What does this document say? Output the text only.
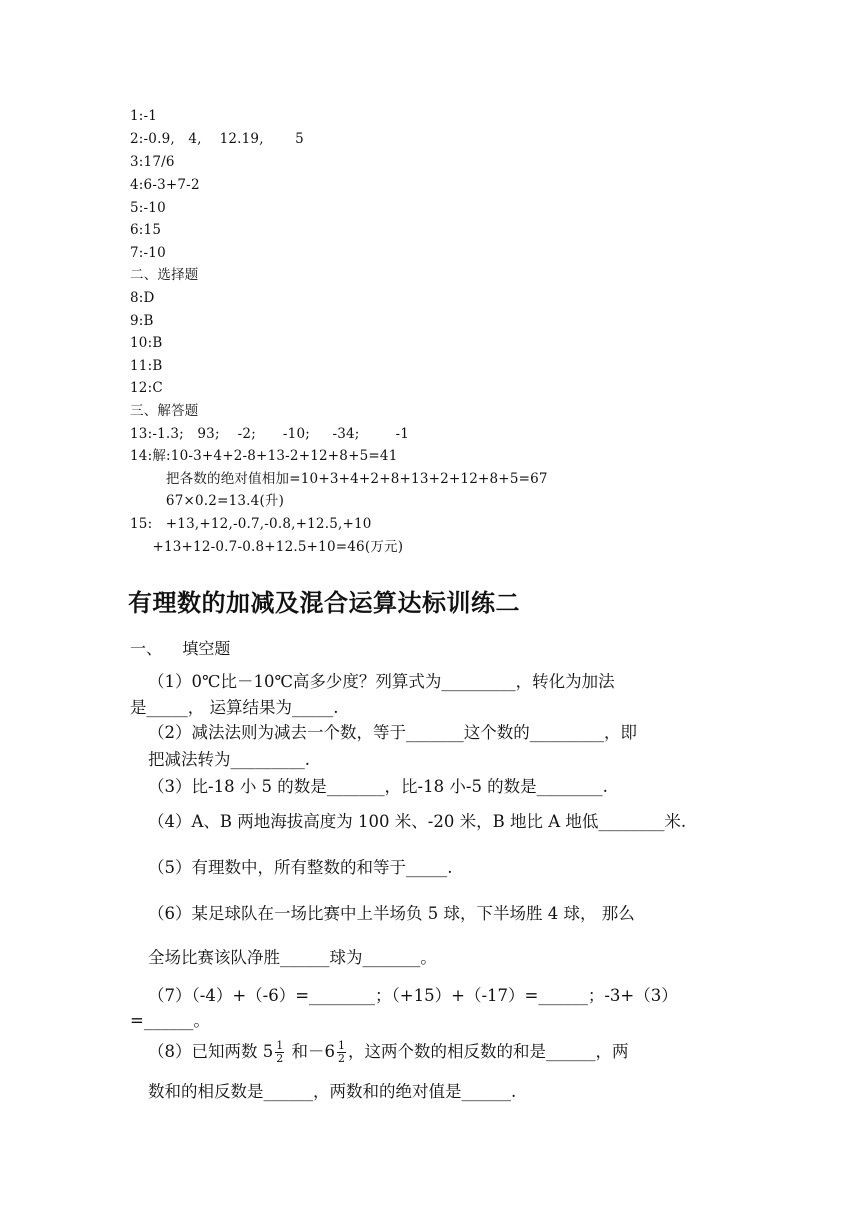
1:-1

2:-0.9,   4,    12.19,       5

3:17/6

4:6-3+7-2

5:-10

6:15

7:-10

二、选择题

8:D

9:B

10:B

11:B

12:C

三、解答题

13:-1.3;   93;    -2;      -10;     -34;        -1

14:解:10-3+4+2-8+13-2+12+8+5=41

把各数的绝对值相加=10+3+4+2+8+13+2+12+8+5=67

67×0.2=13.4(升)

15:   +13,+12,-0.7,-0.8,+12.5,+10

+13+12-0.7-0.8+12.5+10=46(万元)

有理数的加减及混合运算达标训练二

一、    填空题

（1）0℃比－10℃高多少度？列算式为_________，转化为加法

是_____， 运算结果为_____.

（2）减法法则为减去一个数，等于_______这个数的_________，即

把减法转为_________.

（3）比-18 小 5 的数是_______，比-18 小-5 的数是________.

（4）A、B 两地海拔高度为 100 米、-20 米，B 地比 A 地低________米.

（5）有理数中，所有整数的和等于_____.

（6）某足球队在一场比赛中上半场负 5 球，下半场胜 4 球， 那么

全场比赛该队净胜______球为_______。

（7）（-4）+（-6）=________；（+15）+（-17）=______；-3+（3）

=______。

（8）已知两数 $5 \frac{1}{2}$ 和$-6 \frac{1}{2}$ ，这两个数的相反数的和是______，两

数和的相反数是______，两数和的绝对值是______.
